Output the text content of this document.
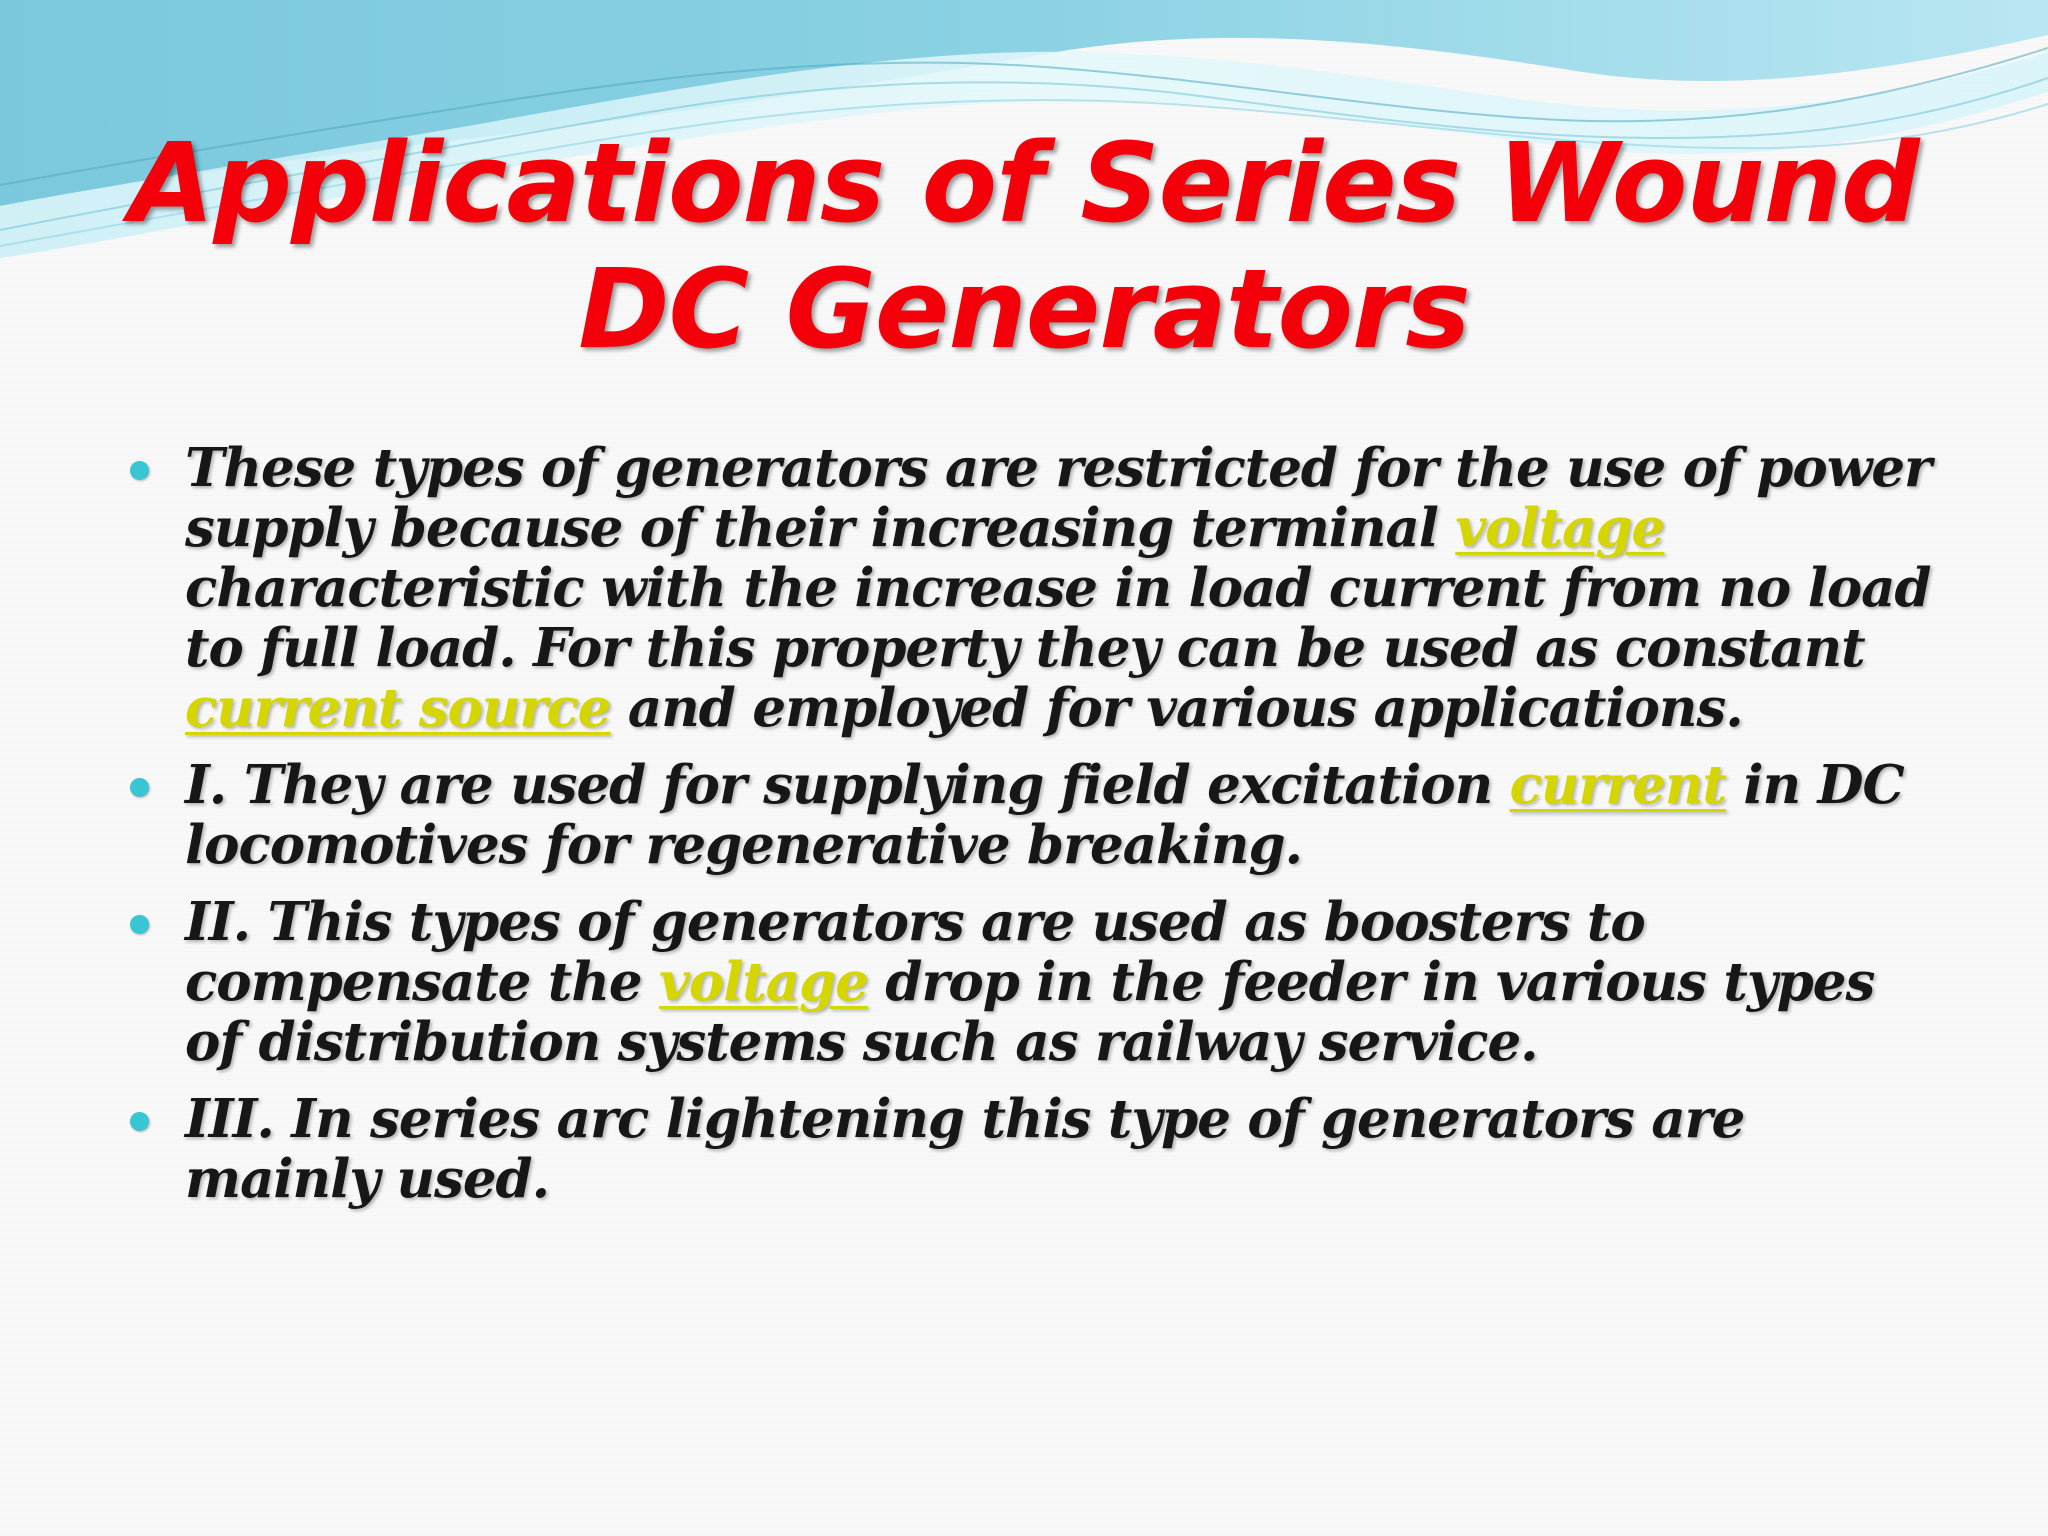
Applications of Series Wound DC Generators
These types of generators are restricted for the use of power supply because of their increasing terminal voltage characteristic with the increase in load current from no load to full load. For this property they can be used as constant current source and employed for various applications.
I. They are used for supplying field excitation current in DC locomotives for regenerative breaking.
II. This types of generators are used as boosters to compensate the voltage drop in the feeder in various types of distribution systems such as railway service.
III. In series arc lightening this type of generators are mainly used.
